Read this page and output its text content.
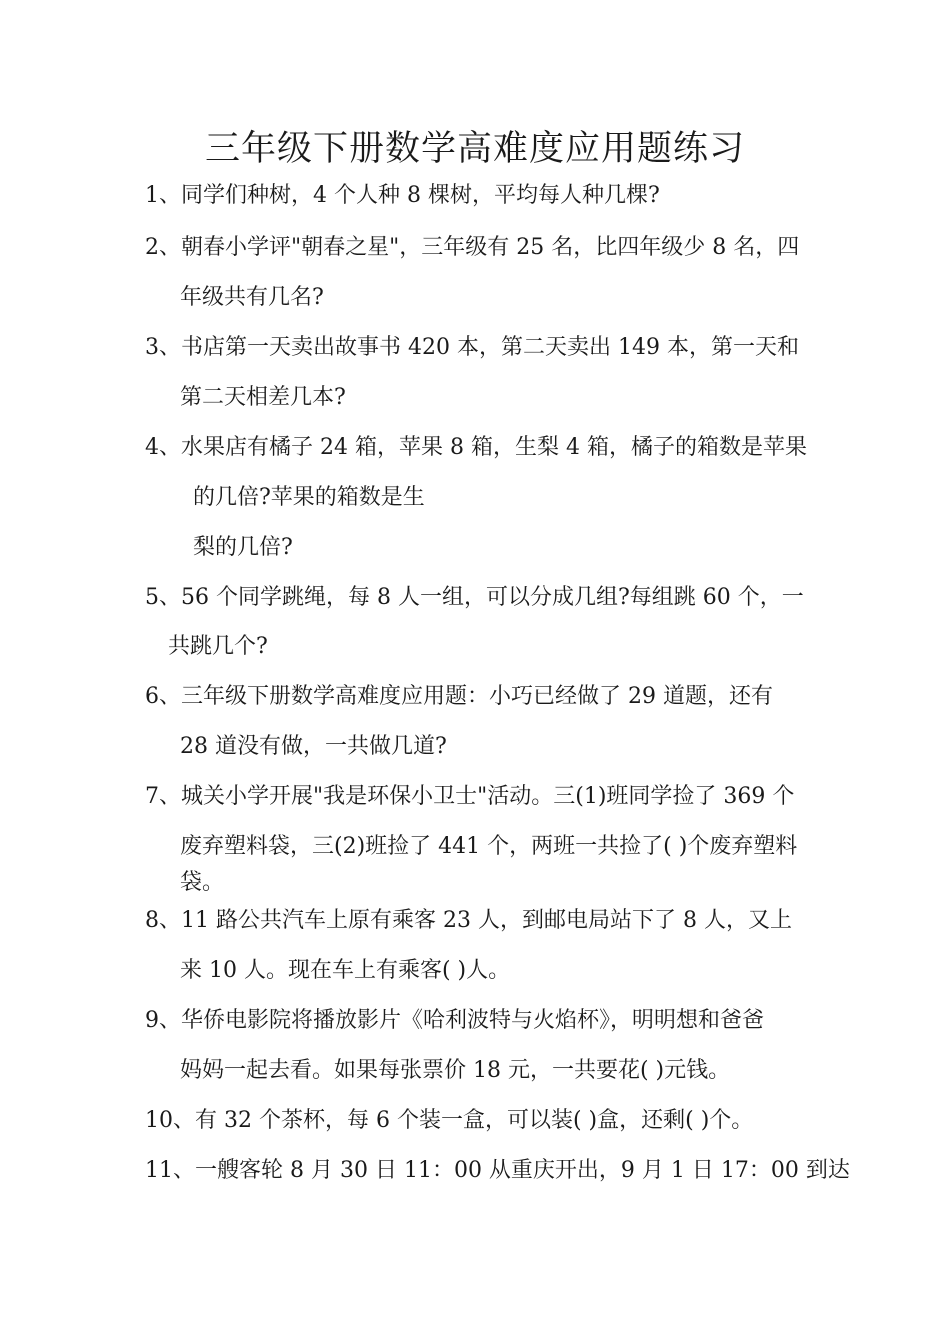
三年级下册数学高难度应用题练习
1、同学们种树，4 个人种 8 棵树，平均每人种几棵?
2、朝春小学评"朝春之星"，三年级有 25 名，比四年级少 8 名，四
年级共有几名?
3、书店第一天卖出故事书 420 本，第二天卖出 149 本，第一天和
第二天相差几本?
4、水果店有橘子 24 箱，苹果 8 箱，生梨 4 箱，橘子的箱数是苹果
的几倍?苹果的箱数是生
梨的几倍?
5、56 个同学跳绳，每 8 人一组，可以分成几组?每组跳 60 个，一
共跳几个?
6、三年级下册数学高难度应用题：小巧已经做了 29 道题，还有
28 道没有做，一共做几道?
7、城关小学开展"我是环保小卫士"活动。三(1)班同学捡了 369 个
废弃塑料袋，三(2)班捡了 441 个，两班一共捡了( )个废弃塑料
袋。
8、11 路公共汽车上原有乘客 23 人，到邮电局站下了 8 人，又上
来 10 人。现在车上有乘客( )人。
9、华侨电影院将播放影片《哈利波特与火焰杯》，明明想和爸爸
妈妈一起去看。如果每张票价 18 元，一共要花( )元钱。
10、有 32 个茶杯，每 6 个装一盒，可以装( )盒，还剩( )个。
11、一艘客轮 8 月 30 日 11：00 从重庆开出，9 月 1 日 17：00 到达
